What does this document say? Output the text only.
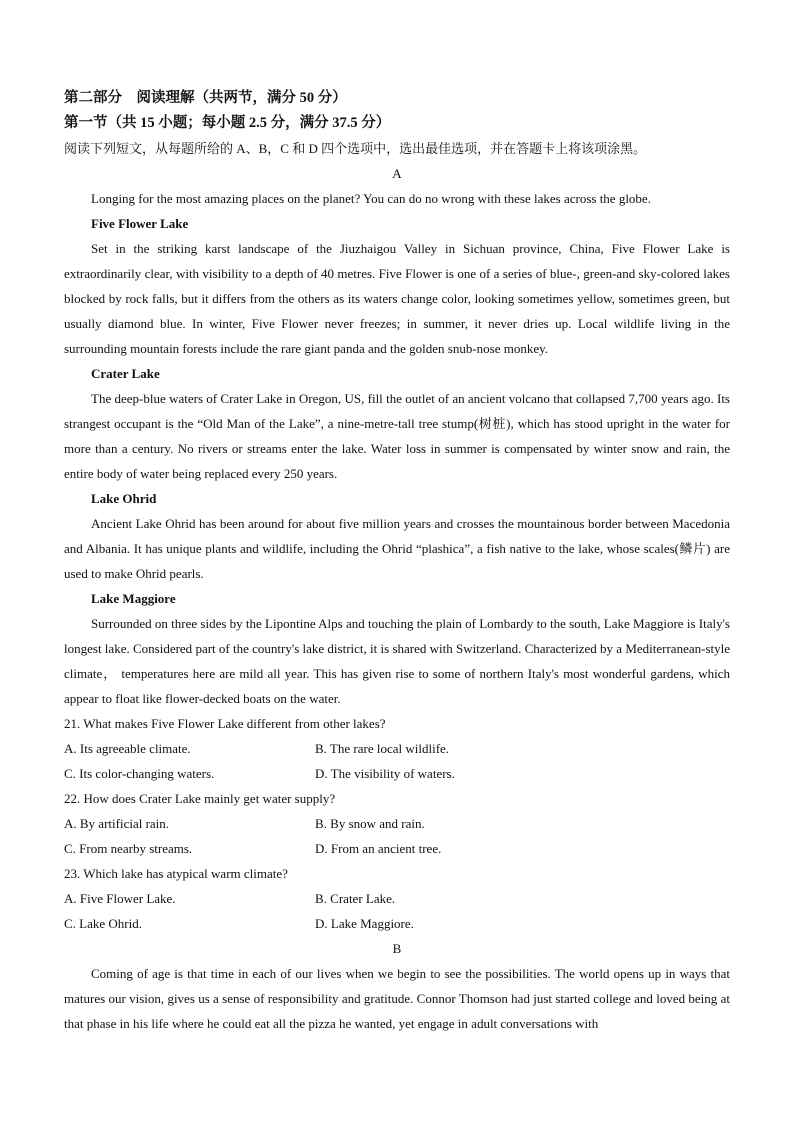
第二部分　阅读理解（共两节，满分 50 分）
第一节（共 15 小题；每小题 2.5 分，满分 37.5 分）
阅读下列短文，从每题所给的 A、B，C 和 D 四个选项中，选出最佳选项，并在答题卡上将该项涂黑。
A

Longing for the most amazing places on the planet? You can do no wrong with these lakes across the globe.

Five Flower Lake

Set in the striking karst landscape of the Jiuzhaigou Valley in Sichuan province, China, Five Flower Lake is extraordinarily clear, with visibility to a depth of 40 metres. Five Flower is one of a series of blue-, green-and sky-colored lakes blocked by rock falls, but it differs from the others as its waters change color, looking sometimes yellow, sometimes green, but usually diamond blue. In winter, Five Flower never freezes; in summer, it never dries up. Local wildlife living in the surrounding mountain forests include the rare giant panda and the golden snub-nose monkey.

Crater Lake

The deep-blue waters of Crater Lake in Oregon, US, fill the outlet of an ancient volcano that collapsed 7,700 years ago. Its strangest occupant is the “Old Man of the Lake”, a nine-metre-tall tree stump(树桩), which has stood upright in the water for more than a century. No rivers or streams enter the lake. Water loss in summer is compensated by winter snow and rain, the entire body of water being replaced every 250 years.

Lake Ohrid

Ancient Lake Ohrid has been around for about five million years and crosses the mountainous border between Macedonia and Albania. It has unique plants and wildlife, including the Ohrid “plashica”, a fish native to the lake, whose scales(鳞片) are used to make Ohrid pearls.

Lake Maggiore

Surrounded on three sides by the Lipontine Alps and touching the plain of Lombardy to the south, Lake Maggiore is Italy's longest lake. Considered part of the country's lake district, it is shared with Switzerland. Characterized by a Mediterranean-style climate， temperatures here are mild all year. This has given rise to some of northern Italy's most wonderful gardens, which appear to float like flower-decked boats on the water.

21. What makes Five Flower Lake different from other lakes?
A. Its agreeable climate.	B. The rare local wildlife.
C. Its color-changing waters.	D. The visibility of waters.
22. How does Crater Lake mainly get water supply?
A. By artificial rain.	B. By snow and rain.
C. From nearby streams.	D. From an ancient tree.
23. Which lake has atypical warm climate?
A. Five Flower Lake.	B. Crater Lake.
C. Lake Ohrid.	D. Lake Maggiore.
B

Coming of age is that time in each of our lives when we begin to see the possibilities. The world opens up in ways that matures our vision, gives us a sense of responsibility and gratitude. Connor Thomson had just started college and loved being at that phase in his life where he could eat all the pizza he wanted, yet engage in adult conversations with
